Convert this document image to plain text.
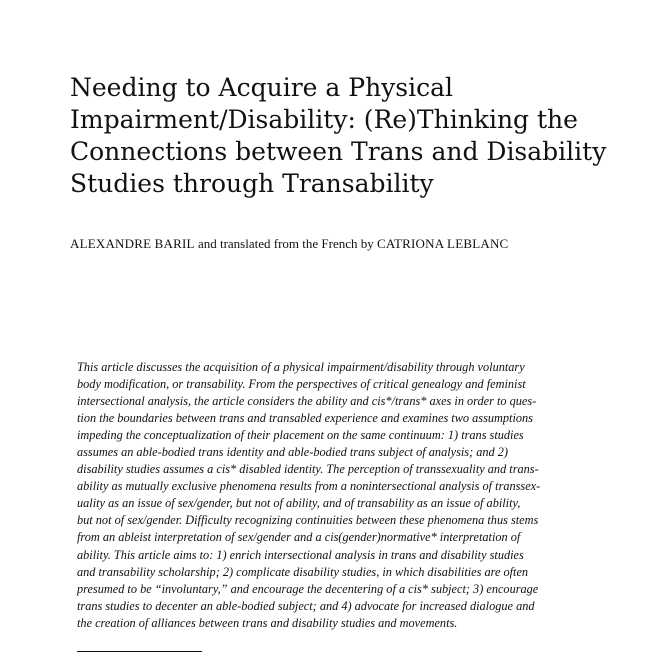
Needing to Acquire a Physical
Impairment/Disability: (Re)Thinking the
Connections between Trans and Disability
Studies through Transability
ALEXANDRE BARIL and translated from the French by CATRIONA LEBLANC
This article discusses the acquisition of a physical impairment/disability through voluntary
body modification, or transability. From the perspectives of critical genealogy and feminist
intersectional analysis, the article considers the ability and cis*/trans* axes in order to ques-
tion the boundaries between trans and transabled experience and examines two assumptions
impeding the conceptualization of their placement on the same continuum: 1) trans studies
assumes an able-bodied trans identity and able-bodied trans subject of analysis; and 2)
disability studies assumes a cis* disabled identity. The perception of transsexuality and trans-
ability as mutually exclusive phenomena results from a nonintersectional analysis of transsex-
uality as an issue of sex/gender, but not of ability, and of transability as an issue of ability,
but not of sex/gender. Difficulty recognizing continuities between these phenomena thus stems
from an ableist interpretation of sex/gender and a cis(gender)normative* interpretation of
ability. This article aims to: 1) enrich intersectional analysis in trans and disability studies
and transability scholarship; 2) complicate disability studies, in which disabilities are often
presumed to be “involuntary,” and encourage the decentering of a cis* subject; 3) encourage
trans studies to decenter an able-bodied subject; and 4) advocate for increased dialogue and
the creation of alliances between trans and disability studies and movements.
